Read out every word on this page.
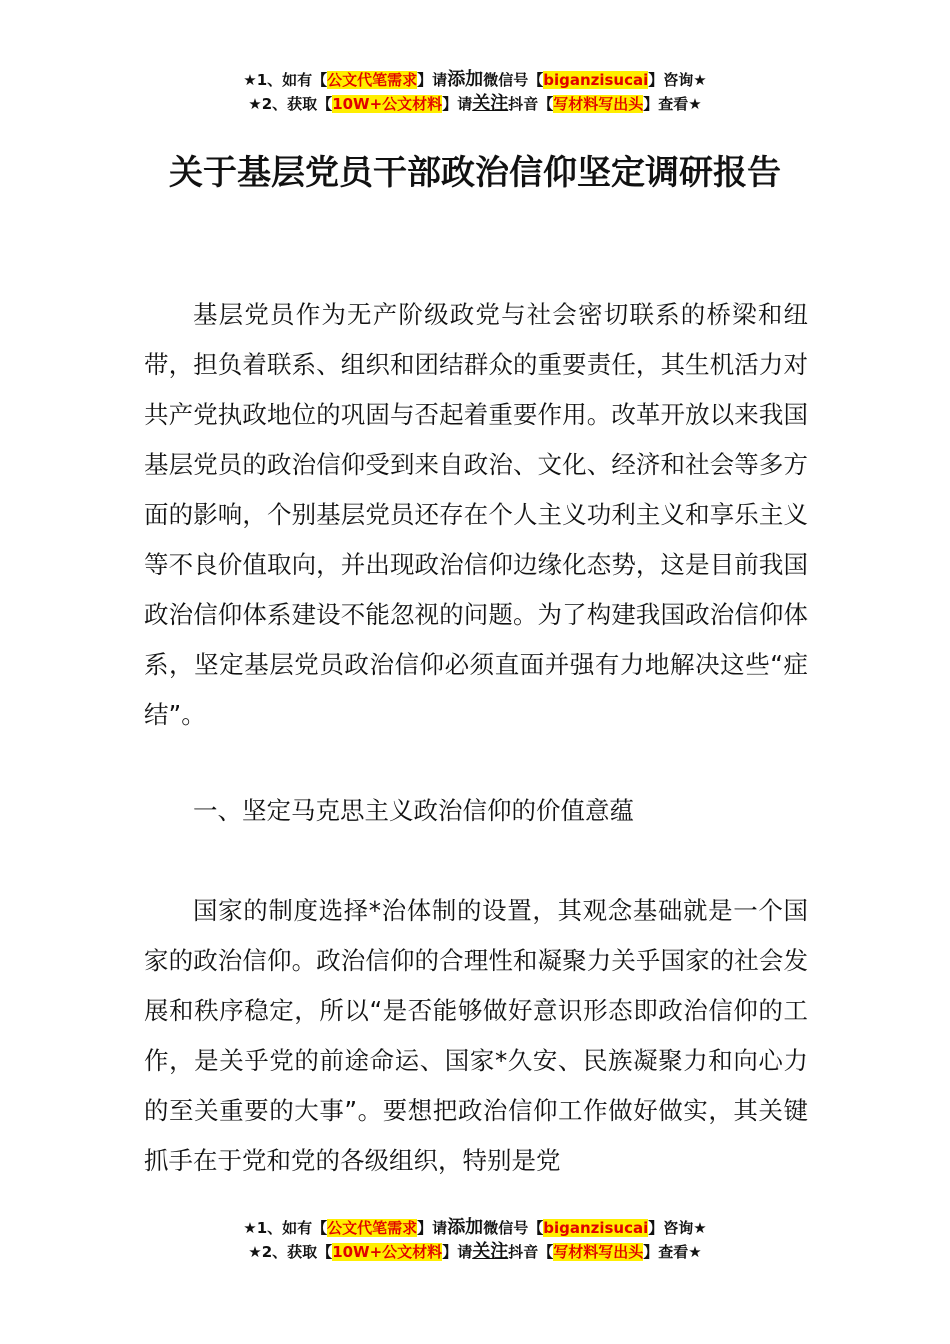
★1、如有【公文代笔需求】请添加微信号【biganzisucai】咨询★
★2、获取【10W+公文材料】请关注抖音【写材料写出头】查看★
关于基层党员干部政治信仰坚定调研报告

基层党员作为无产阶级政党与社会密切联系的桥梁和纽带，担负着联系、组织和团结群众的重要责任，其生机活力对共产党执政地位的巩固与否起着重要作用。改革开放以来我国基层党员的政治信仰受到来自政治、文化、经济和社会等多方面的影响，个别基层党员还存在个人主义功利主义和享乐主义等不良价值取向，并出现政治信仰边缘化态势，这是目前我国政治信仰体系建设不能忽视的问题。为了构建我国政治信仰体系，坚定基层党员政治信仰必须直面并强有力地解决这些“症结”。

一、坚定马克思主义政治信仰的价值意蕴

国家的制度选择*治体制的设置，其观念基础就是一个国家的政治信仰。政治信仰的合理性和凝聚力关乎国家的社会发展和秩序稳定，所以“是否能够做好意识形态即政治信仰的工作，是关乎党的前途命运、国家*久安、民族凝聚力和向心力的至关重要的大事”。要想把政治信仰工作做好做实，其关键抓手在于党和党的各级组织，特别是党

★1、如有【公文代笔需求】请添加微信号【biganzisucai】咨询★
★2、获取【10W+公文材料】请关注抖音【写材料写出头】查看★
